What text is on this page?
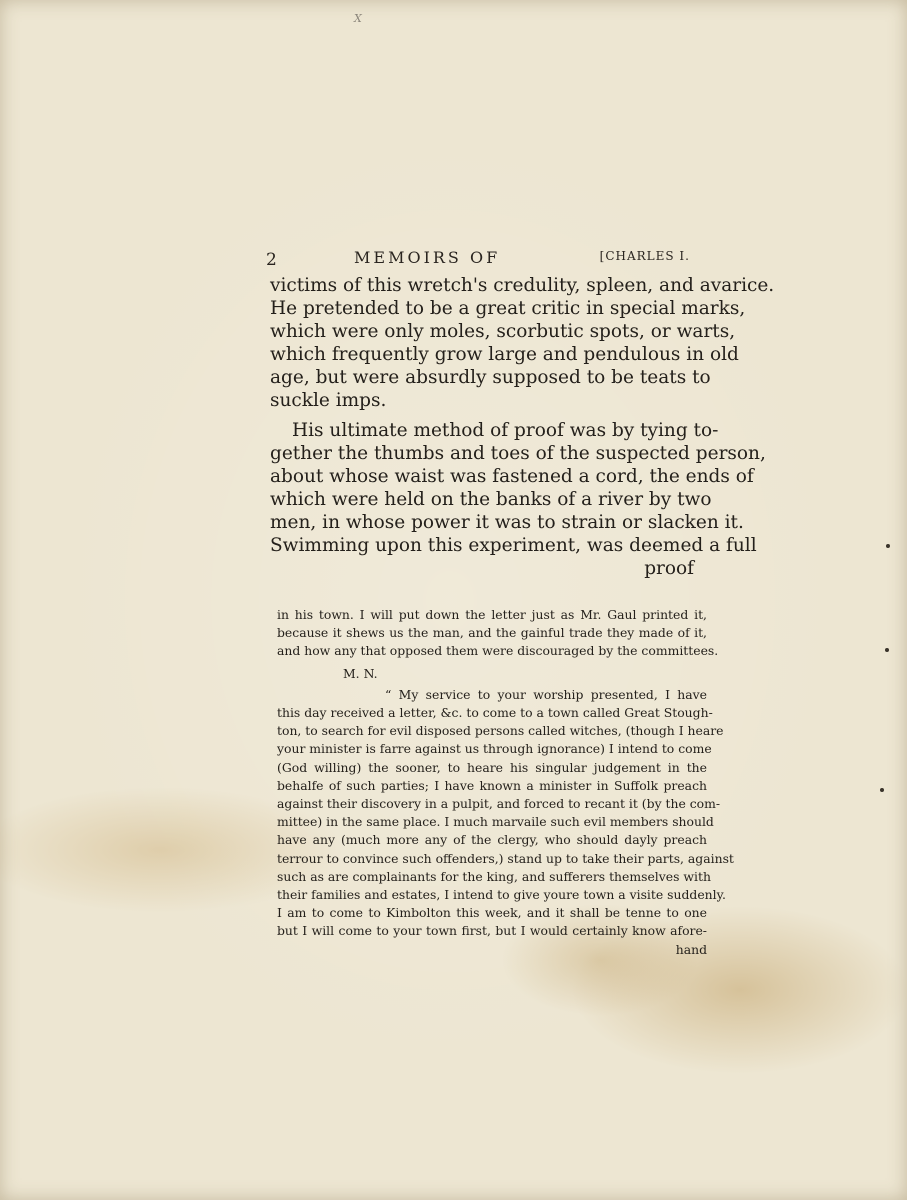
X
2	MEMOIRS OF	[CHARLES I.
victims of this wretch's credulity, spleen, and avarice.
He pretended to be a great critic in special marks,
which were only moles, scorbutic spots, or warts,
which frequently grow large and pendulous in old
age, but were absurdly supposed to be teats to
suckle imps.
His ultimate method of proof was by tying to-
gether the thumbs and toes of the suspected person,
about whose waist was fastened a cord, the ends of
which were held on the banks of a river by two
men, in whose power it was to strain or slacken it.
Swimming upon this experiment, was deemed a full
proof
in his town. I will put down the letter just as Mr. Gaul printed it,
because it shews us the man, and the gainful trade they made of it,
and how any that opposed them were discouraged by the committees.
M. N.
“ My service to your worship presented, I have
this day received a letter, &c. to come to a town called Great Stough-
ton, to search for evil disposed persons called witches, (though I heare
your minister is farre against us through ignorance) I intend to come
(God willing) the sooner, to heare his singular judgement in the
behalfe of such parties; I have known a minister in Suffolk preach
against their discovery in a pulpit, and forced to recant it (by the com-
mittee) in the same place. I much marvaile such evil members should
have any (much more any of the clergy, who should dayly preach
terrour to convince such offenders,) stand up to take their parts, against
such as are complainants for the king, and sufferers themselves with
their families and estates, I intend to give youre town a visite suddenly.
I am to come to Kimbolton this week, and it shall be tenne to one
but I will come to your town first, but I would certainly know afore-
hand
